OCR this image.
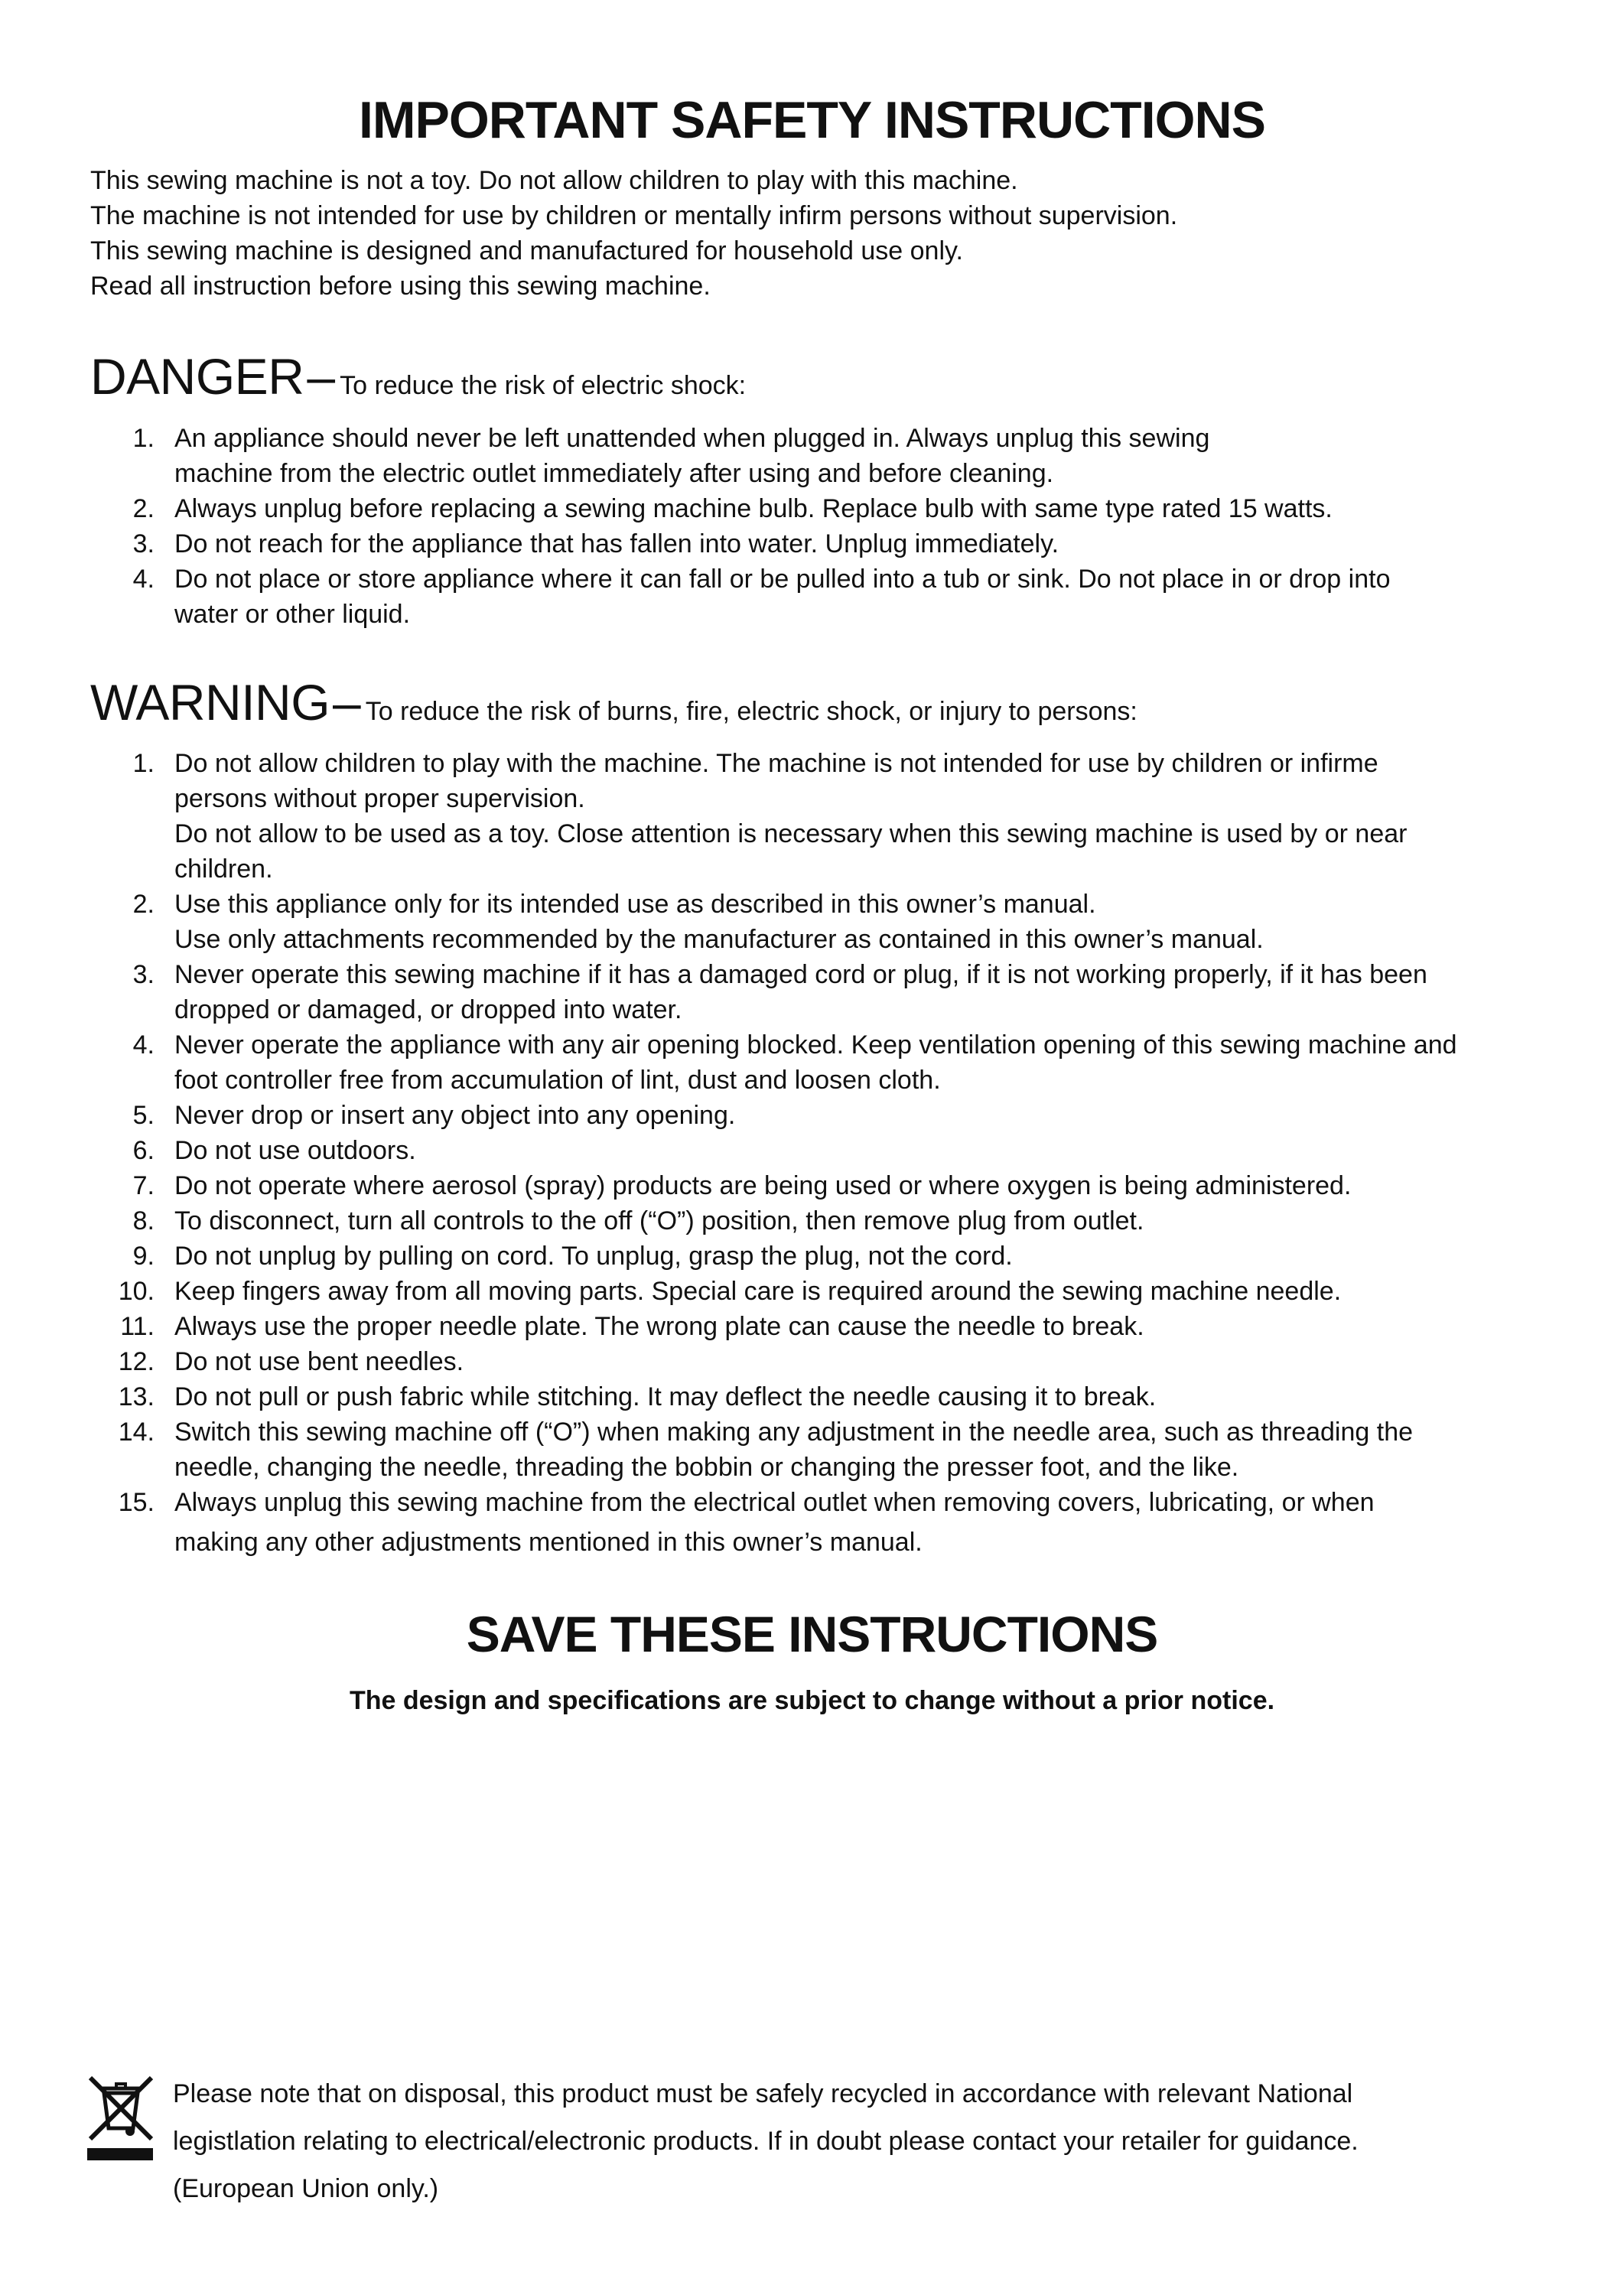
IMPORTANT SAFETY INSTRUCTIONS
This sewing machine is not a toy. Do not allow children to play with this machine.
The machine is not intended for use by children or mentally infirm persons without supervision.
This sewing machine is designed and manufactured for household use only.
Read all instruction before using this sewing machine.
DANGER– To reduce the risk of electric shock:
1. An appliance should never be left unattended when plugged in. Always unplug this sewing
machine from the electric outlet immediately after using and before cleaning.
2. Always unplug before replacing a sewing machine bulb. Replace bulb with same type rated 15 watts.
3. Do not reach for the appliance that has fallen into water. Unplug immediately.
4. Do not place or store appliance where it can fall or be pulled into a tub or sink. Do not place in or drop into
water or other liquid.
WARNING– To reduce the risk of burns, fire, electric shock, or injury to persons:
1. Do not allow children to play with the machine. The machine is not intended for use by children or infirme
persons without proper supervision.
Do not allow to be used as a toy. Close attention is necessary when this sewing machine is used by or near
children.
2. Use this appliance only for its intended use as described in this owner’s manual.
Use only attachments recommended by the manufacturer as contained in this owner’s manual.
3. Never operate this sewing machine if it has a damaged cord or plug, if it is not working properly, if it has been
dropped or damaged, or dropped into water.
4. Never operate the appliance with any air opening blocked. Keep ventilation opening of this sewing machine and
foot controller free from accumulation of lint, dust and loosen cloth.
5. Never drop or insert any object into any opening.
6. Do not use outdoors.
7. Do not operate where aerosol (spray) products are being used or where oxygen is being administered.
8. To disconnect, turn all controls to the off (“O”) position, then remove plug from outlet.
9. Do not unplug by pulling on cord. To unplug, grasp the plug, not the cord.
10. Keep fingers away from all moving parts. Special care is required around the sewing machine needle.
11. Always use the proper needle plate. The wrong plate can cause the needle to break.
12. Do not use bent needles.
13. Do not pull or push fabric while stitching. It may deflect the needle causing it to break.
14. Switch this sewing machine off (“O”) when making any adjustment in the needle area, such as threading the
needle, changing the needle, threading the bobbin or changing the presser foot, and the like.
15. Always unplug this sewing machine from the electrical outlet when removing covers, lubricating, or when
making any other adjustments mentioned in this owner’s manual.
SAVE THESE INSTRUCTIONS
The design and specifications are subject to change without a prior notice.
Please note that on disposal, this product must be safely recycled in accordance with relevant National
legistlation relating to electrical/electronic products. If in doubt please contact your retailer for guidance.
(European Union only.)
